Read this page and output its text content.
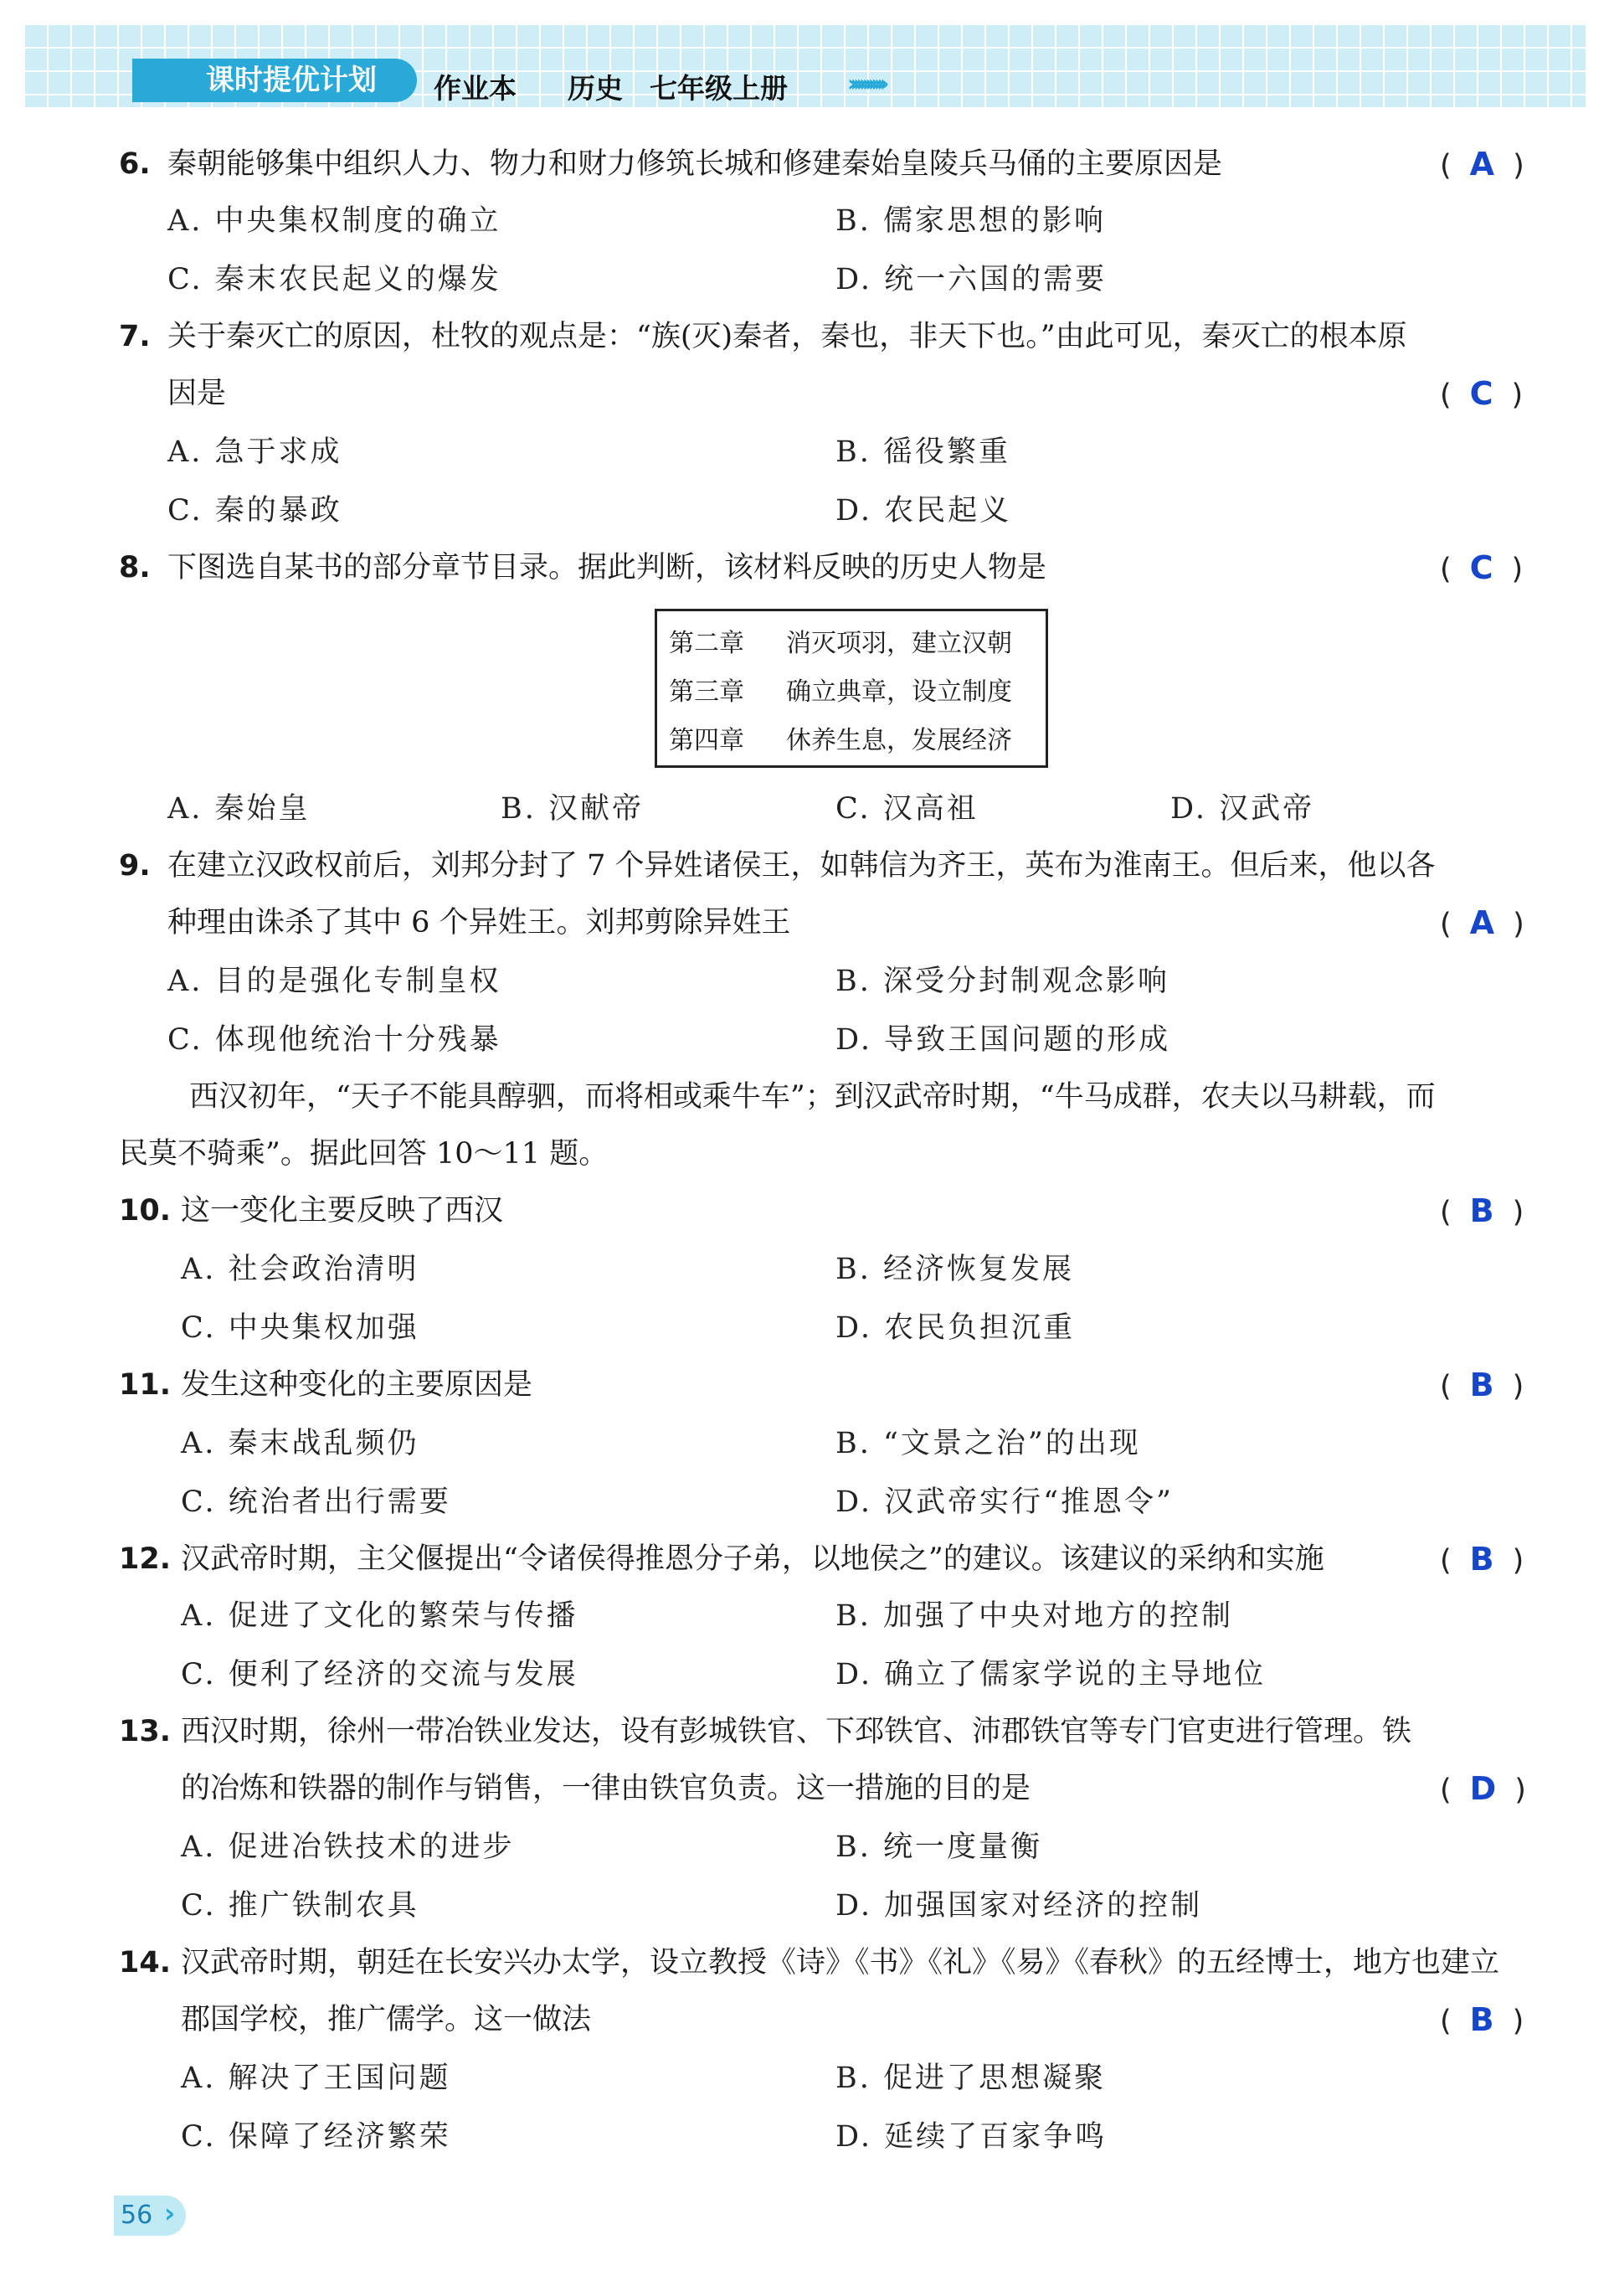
课时提优计划	作业本 历史 七年级上册	››››››››››››
6. 秦朝能够集中组织人力、物力和财力修筑长城和修建秦始皇陵兵马俑的主要原因是	( A )
A. 中央集权制度的确立	B. 儒家思想的影响
C. 秦末农民起义的爆发	D. 统一六国的需要
7. 关于秦灭亡的原因，杜牧的观点是：“族(灭)秦者，秦也，非天下也。”由此可见，秦灭亡的根本原
因是	( C )
A. 急于求成	B. 徭役繁重
C. 秦的暴政	D. 农民起义
8. 下图选自某书的部分章节目录。据此判断，该材料反映的历史人物是	( C )
第二章 消灭项羽，建立汉朝
第三章 确立典章，设立制度
第四章 休养生息，发展经济
A. 秦始皇	B. 汉献帝	C. 汉高祖	D. 汉武帝
9. 在建立汉政权前后，刘邦分封了 7 个异姓诸侯王，如韩信为齐王，英布为淮南王。但后来，他以各
种理由诛杀了其中 6 个异姓王。刘邦剪除异姓王	( A )
A. 目的是强化专制皇权	B. 深受分封制观念影响
C. 体现他统治十分残暴	D. 导致王国问题的形成
西汉初年，“天子不能具醇驷，而将相或乘牛车”；到汉武帝时期，“牛马成群，农夫以马耕载，而
民莫不骑乘”。据此回答 10～11 题。
10. 这一变化主要反映了西汉	( B )
A. 社会政治清明	B. 经济恢复发展
C. 中央集权加强	D. 农民负担沉重
11. 发生这种变化的主要原因是	( B )
A. 秦末战乱频仍	B. “文景之治”的出现
C. 统治者出行需要	D. 汉武帝实行“推恩令”
12. 汉武帝时期，主父偃提出“令诸侯得推恩分子弟，以地侯之”的建议。该建议的采纳和实施	( B )
A. 促进了文化的繁荣与传播	B. 加强了中央对地方的控制
C. 便利了经济的交流与发展	D. 确立了儒家学说的主导地位
13. 西汉时期，徐州一带冶铁业发达，设有彭城铁官、下邳铁官、沛郡铁官等专门官吏进行管理。铁
的冶炼和铁器的制作与销售，一律由铁官负责。这一措施的目的是	( D )
A. 促进冶铁技术的进步	B. 统一度量衡
C. 推广铁制农具	D. 加强国家对经济的控制
14. 汉武帝时期，朝廷在长安兴办太学，设立教授《诗》《书》《礼》《易》《春秋》的五经博士，地方也建立
郡国学校，推广儒学。这一做法	( B )
A. 解决了王国问题	B. 促进了思想凝聚
C. 保障了经济繁荣	D. 延续了百家争鸣
56 ›
